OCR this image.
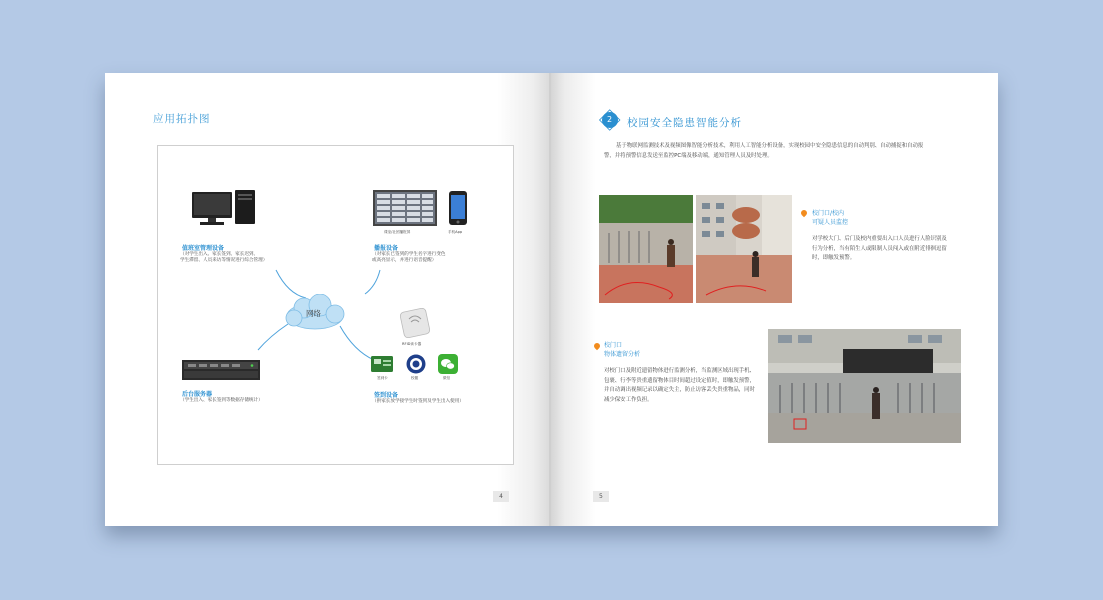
应用拓扑图
网络
值班室管理设备
（对学生出入、家长签到、家长迟到、
学生滞留、人员来访等情况进行综合管理）
课室/社团播报屏	手机App
播报设备
（对家长已签到的学生名字进行变色
或高亮显示，并进行语音提醒）
后台服务器
（学生出入、家长签到等数据存储统计）
RFID读卡器
签到卡	校徽	微信
签到设备
（供家长放学接学生时签到及学生出入使用）
4
2 校园安全隐患智能分析
基于物联网监测技术及视频图像智能分析技术，利用人工智能分析设备，实现校园中安全隐患信息的自动判别、自动捕捉和自动报警，并将预警信息发送至监控PC端及移动端，通知管理人员及时处理。
校门口/校内
可疑人员监控
对学校大门、后门及校内重要出入口人员进行人脸识别及行为分析，当有陌生人或限制人员闯入或在附近徘徊逗留时，即触发预警。
校门口
物体遗留分析
对校门口及附近遗留物体进行监测分析，当监测区域出现手机、包裹、行李等贵重遗留物体目时间超过设定值时，即触发预警，并自动调出视频记录以确定失主，防止访客丢失贵重物品，同时减少保安工作负担。
5
